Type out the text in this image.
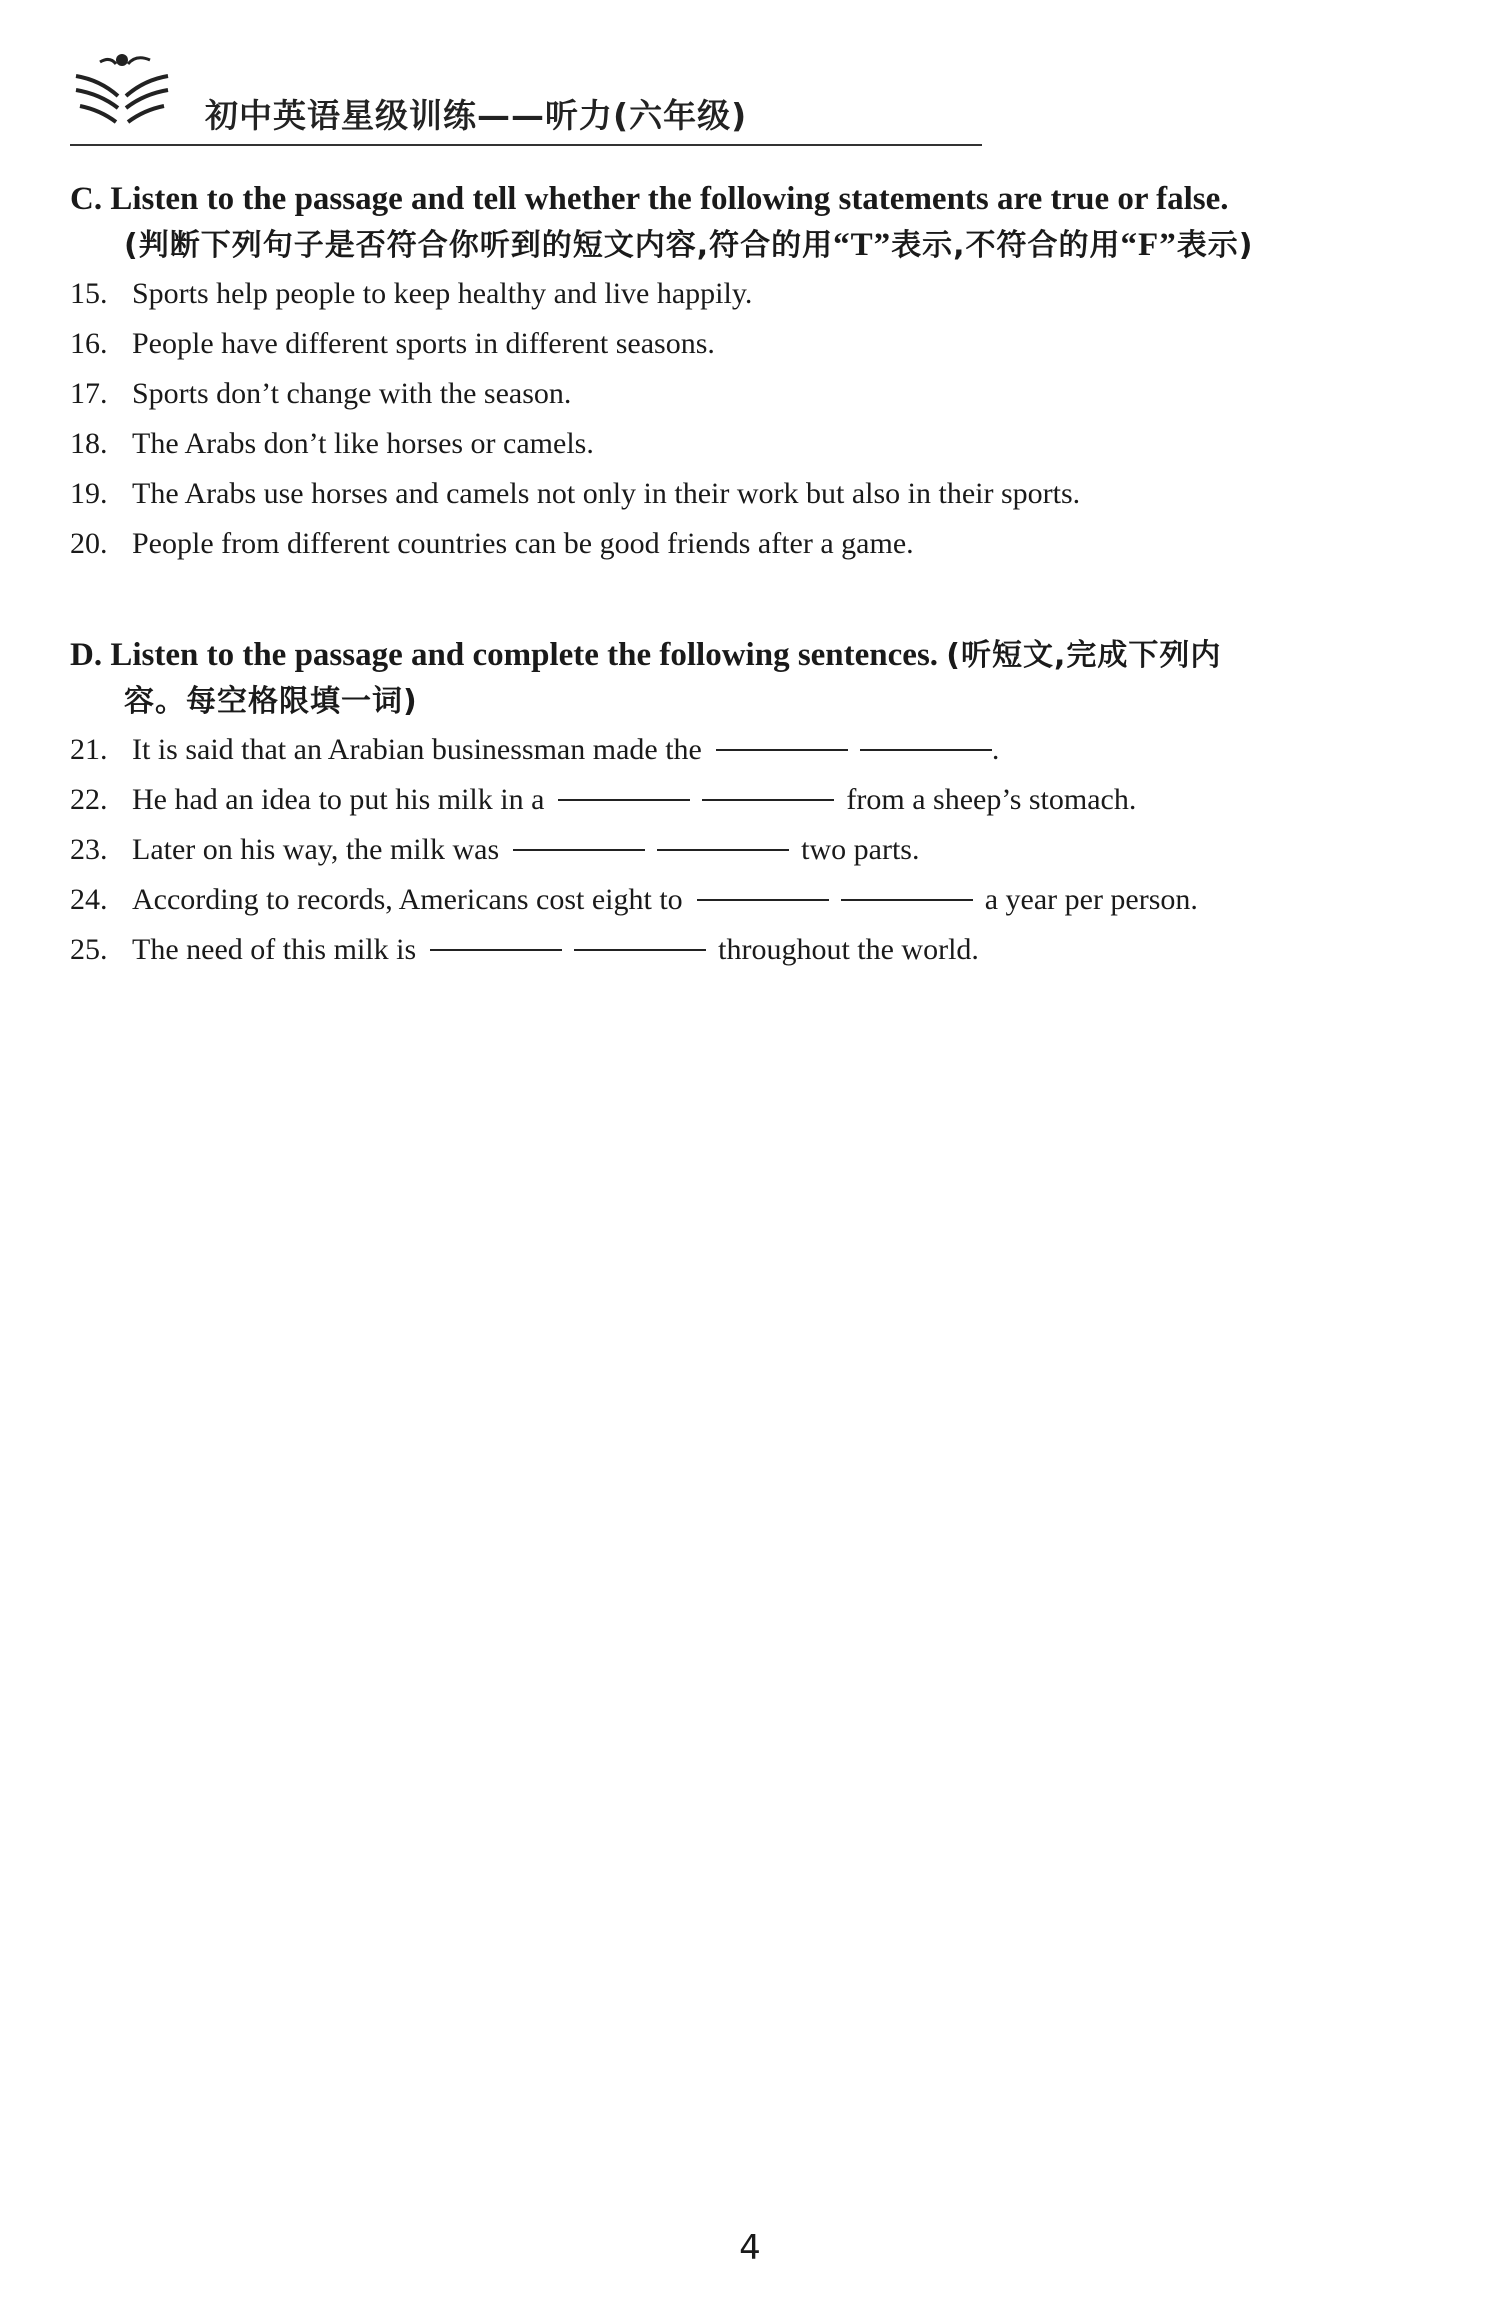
初中英语星级训练——听力(六年级)

C. Listen to the passage and tell whether the following statements are true or false.

(判断下列句子是否符合你听到的短文内容,符合的用“T”表示,不符合的用“F”表示)
15. Sports help people to keep healthy and live happily.
16. People have different sports in different seasons.
17. Sports don’t change with the season.
18. The Arabs don’t like horses or camels.
19. The Arabs use horses and camels not only in their work but also in their sports.
20. People from different countries can be good friends after a game.

D. Listen to the passage and complete the following sentences. (听短文,完成下列内

容。每空格限填一词)
21. It is said that an Arabian businessman made the	.
22. He had an idea to put his milk in a	from a sheep’s stomach.
23. Later on his way, the milk was	two parts.
24. According to records, Americans cost eight to	a year per person.
25. The need of this milk is	throughout the world.
4
